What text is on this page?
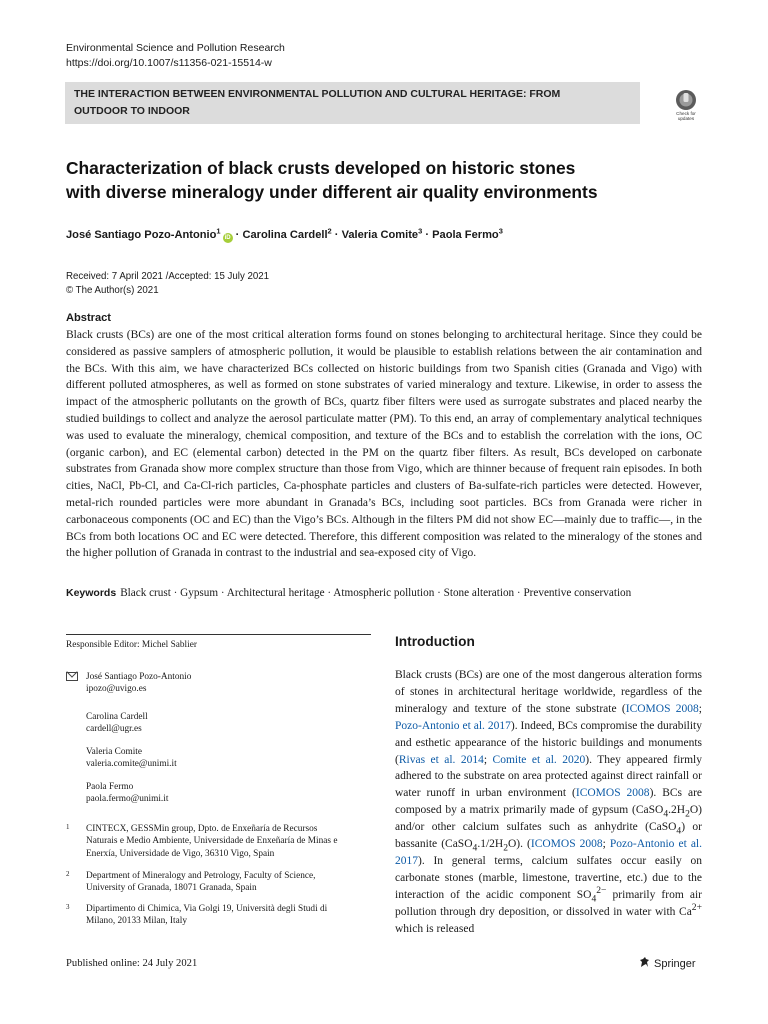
Environmental Science and Pollution Research
https://doi.org/10.1007/s11356-021-15514-w
THE INTERACTION BETWEEN ENVIRONMENTAL POLLUTION AND CULTURAL HERITAGE: FROM
OUTDOOR TO INDOOR	Check for
updates
Characterization of black crusts developed on historic stones
with diverse mineralogy under different air quality environments
José Santiago Pozo-Antonio$^1$iD · Carolina Cardell$^2$ · Valeria Comite$^3$ · Paola Fermo$^3$
Received: 7 April 2021 /Accepted: 15 July 2021
© The Author(s) 2021
Abstract
Black crusts (BCs) are one of the most critical alteration forms found on stones belonging to architectural heritage. Since they could be considered as passive samplers of atmospheric pollution, it would be plausible to establish relations between the air contamination and the BCs. With this aim, we have characterized BCs collected on historic buildings from two Spanish cities (Granada and Vigo) with different polluted atmospheres, as well as formed on stone substrates of varied mineralogy and texture. Likewise, in order to assess the impact of the atmospheric pollutants on the growth of BCs, quartz fiber filters were used as surrogate substrates and placed nearby the studied buildings to collect and analyze the aerosol particulate matter (PM). To this end, an array of complementary analytical techniques was used to evaluate the mineralogy, chemical composition, and texture of the BCs and to establish the correlation with the ions, OC (organic carbon), and EC (elemental carbon) detected in the PM on the quartz fiber filters. As result, BCs developed on carbonate substrates from Granada show more complex structure than those from Vigo, which are thinner because of frequent rain episodes. In both cities, NaCl, Pb-Cl, and Ca-Cl-rich particles, Ca-phosphate particles and clusters of Ba-sulfate-rich particles were detected. However, metal-rich rounded particles were more abundant in Granada’s BCs, including soot particles. BCs from Granada were richer in carbonaceous components (OC and EC) than the Vigo’s BCs. Although in the filters PM did not show EC—mainly due to traffic—, in the BCs from both locations OC and EC were detected. Therefore, this different composition was related to the mineralogy of the stones and the higher pollution of Granada in contrast to the industrial and sea-exposed city of Vigo.
Keywords Black crust · Gypsum · Architectural heritage · Atmospheric pollution · Stone alteration · Preventive conservation
Responsible Editor: Michel Sablier
José Santiago Pozo-Antonio
ipozo@uvigo.es
Carolina Cardell
cardell@ugr.es
Valeria Comite
valeria.comite@unimi.it
Paola Fermo
paola.fermo@unimi.it
1 CINTECX, GESSMin group, Dpto. de Enxeñaría de Recursos
Naturais e Medio Ambiente, Universidade de Enxeñaría de Minas e
Enerxía, Universidade de Vigo, 36310 Vigo, Spain
2 Department of Mineralogy and Petrology, Faculty of Science,
University of Granada, 18071 Granada, Spain
3 Dipartimento di Chimica, Via Golgi 19, Università degli Studi di
Milano, 20133 Milan, Italy
Introduction
Black crusts (BCs) are one of the most dangerous alteration forms of stones in architectural heritage worldwide, regardless of the mineralogy and texture of the stone substrate (ICOMOS 2008; Pozo-Antonio et al. 2017). Indeed, BCs compromise the durability and esthetic appearance of the historic buildings and monuments (Rivas et al. 2014; Comite et al. 2020). They appeared firmly adhered to the substrate on area protected against direct rainfall or water runoff in urban environment (ICOMOS 2008). BCs are composed by a matrix primarily made of gypsum $(CaSO_4.2H_2O)$ and/or other calcium sulfates such as anhydrite (CaSO$_4$) or bassanite $(CaSO_4.1/2H_2O)$. (ICOMOS 2008; Pozo-Antonio et al. 2017). In general terms, calcium sulfates occur easily on carbonate stones (marble, limestone, travertine, etc.) due to the interaction of the acidic component $SO_4^{2-}$ primarily from air pollution through dry deposition, or dissolved in water with $Ca^{2+}$ which is released
Published online: 24 July 2021	Springer
